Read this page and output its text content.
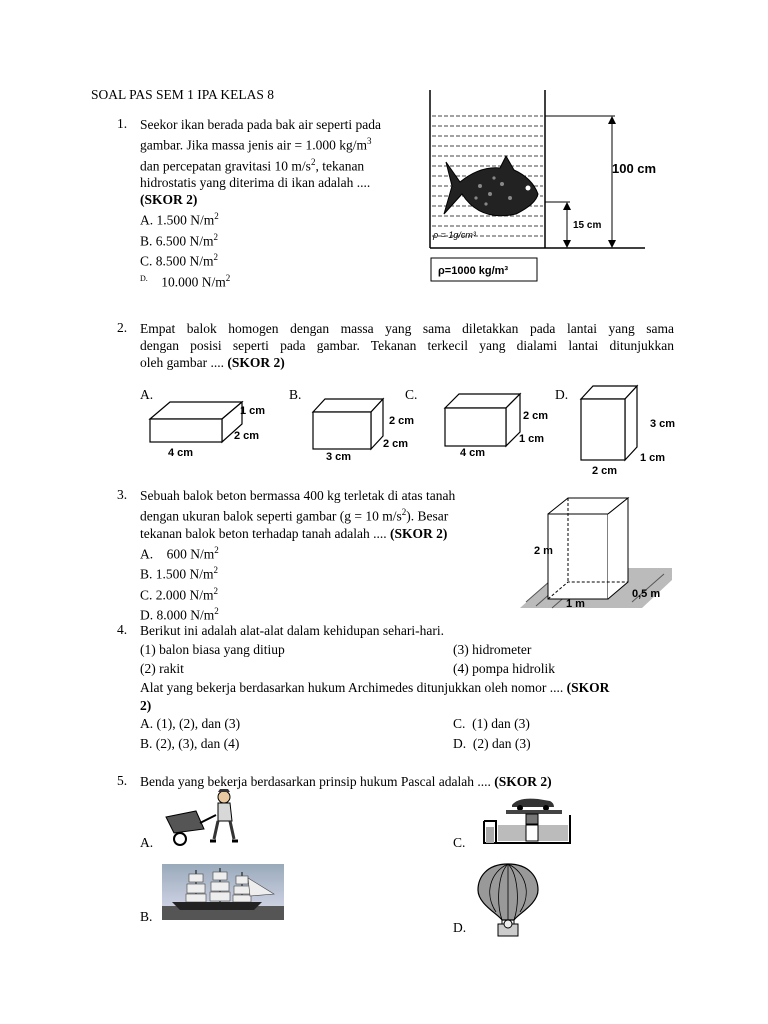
SOAL PAS SEM 1 IPA KELAS 8
1. Seekor ikan berada pada bak air seperti pada
gambar. Jika massa jenis air = 1.000 $kg/m^3$
dan percepatan gravitasi 10 $m/s^2$, tekanan
hidrostatis yang diterima di ikan adalah ....
(SKOR 2)
A. 1.500 $N/m^2$
B. 6.500 $N/m^2$
C. 8.500 $N/m^2$
$^{D.}$ 10.000 $N/m^2$
100 cm
15 cm
ρ = 1g/cm³
ρ=1000 kg/m³
2. Empat balok homogen dengan massa yang sama diletakkan pada lantai yang sama
dengan posisi seperti pada gambar. Tekanan terkecil yang dialami lantai ditunjukkan
oleh gambar .... (SKOR 2)
A.	B.	C.	D.
1 cm
2 cm
4 cm
2 cm
2 cm
3 cm
2 cm
1 cm
4 cm
3 cm
1 cm
2 cm
3. Sebuah balok beton bermassa 400 kg terletak di atas tanah
dengan ukuran balok seperti gambar (g = 10 $m/s^2$). Besar
tekanan balok beton terhadap tanah adalah .... (SKOR 2)
A. 600 $N/m^2$
B. 1.500 $N/m^2$
C. 2.000 $N/m^2$
D. 8.000 $N/m^2$
2 m
1 m
0,5 m
4. Berikut ini adalah alat-alat dalam kehidupan sehari-hari.
(1) balon biasa yang ditiup	(3) hidrometer
(2) rakit	(4) pompa hidrolik
Alat yang bekerja berdasarkan hukum Archimedes ditunjukkan oleh nomor .... (SKOR
2)
A. (1), (2), dan (3)	C. (1) dan (3)
B. (2), (3), dan (4)	D. (2) dan (3)
5. Benda yang bekerja berdasarkan prinsip hukum Pascal adalah .... (SKOR 2)
A.
B.
C.
D.
